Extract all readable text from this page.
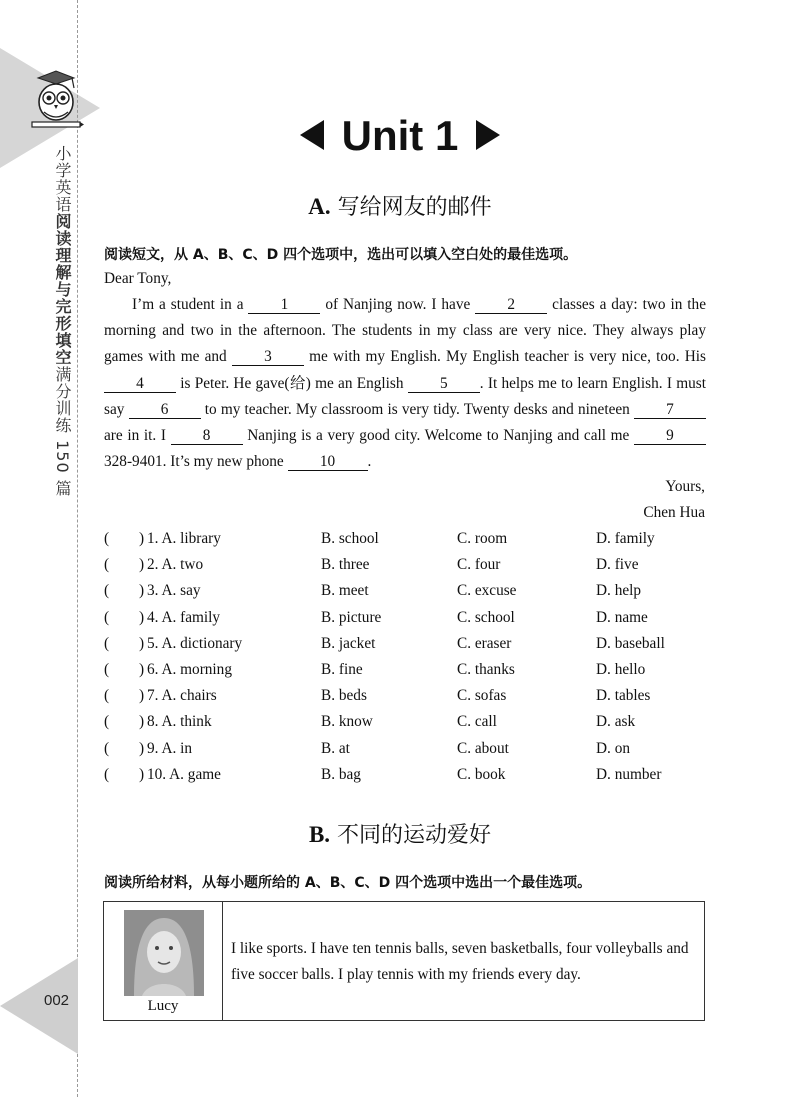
小学英语阅读理解与完形填空满分训练 150 篇
002
Unit 1
A. 写给网友的邮件
阅读短文，从 A、B、C、D 四个选项中，选出可以填入空白处的最佳选项。
Dear Tony,
I’m a student in a 1 of Nanjing now. I have 2 classes a day: two in the morning and two in the afternoon. The students in my class are very nice. They always play games with me and 3 me with my English. My English teacher is very nice, too. His 4 is Peter. He gave(给) me an English 5 . It helps me to learn English. I must say 6 to my teacher. My classroom is very tidy. Twenty desks and nineteen 7 are in it. I 8 Nanjing is a very good city. Welcome to Nanjing and call me 9 328-9401. It’s my new phone 10 .
Yours,
Chen Hua
( ) 1. A. library	B. school	C. room	D. family
( ) 2. A. two	B. three	C. four	D. five
( ) 3. A. say	B. meet	C. excuse	D. help
( ) 4. A. family	B. picture	C. school	D. name
( ) 5. A. dictionary	B. jacket	C. eraser	D. baseball
( ) 6. A. morning	B. fine	C. thanks	D. hello
( ) 7. A. chairs	B. beds	C. sofas	D. tables
( ) 8. A. think	B. know	C. call	D. ask
( ) 9. A. in	B. at	C. about	D. on
( ) 10. A. game	B. bag	C. book	D. number
B. 不同的运动爱好
阅读所给材料，从每小题所给的 A、B、C、D 四个选项中选出一个最佳选项。
Lucy
I like sports. I have ten tennis balls, seven basketballs, four volleyballs and five soccer balls. I play tennis with my friends every day.
